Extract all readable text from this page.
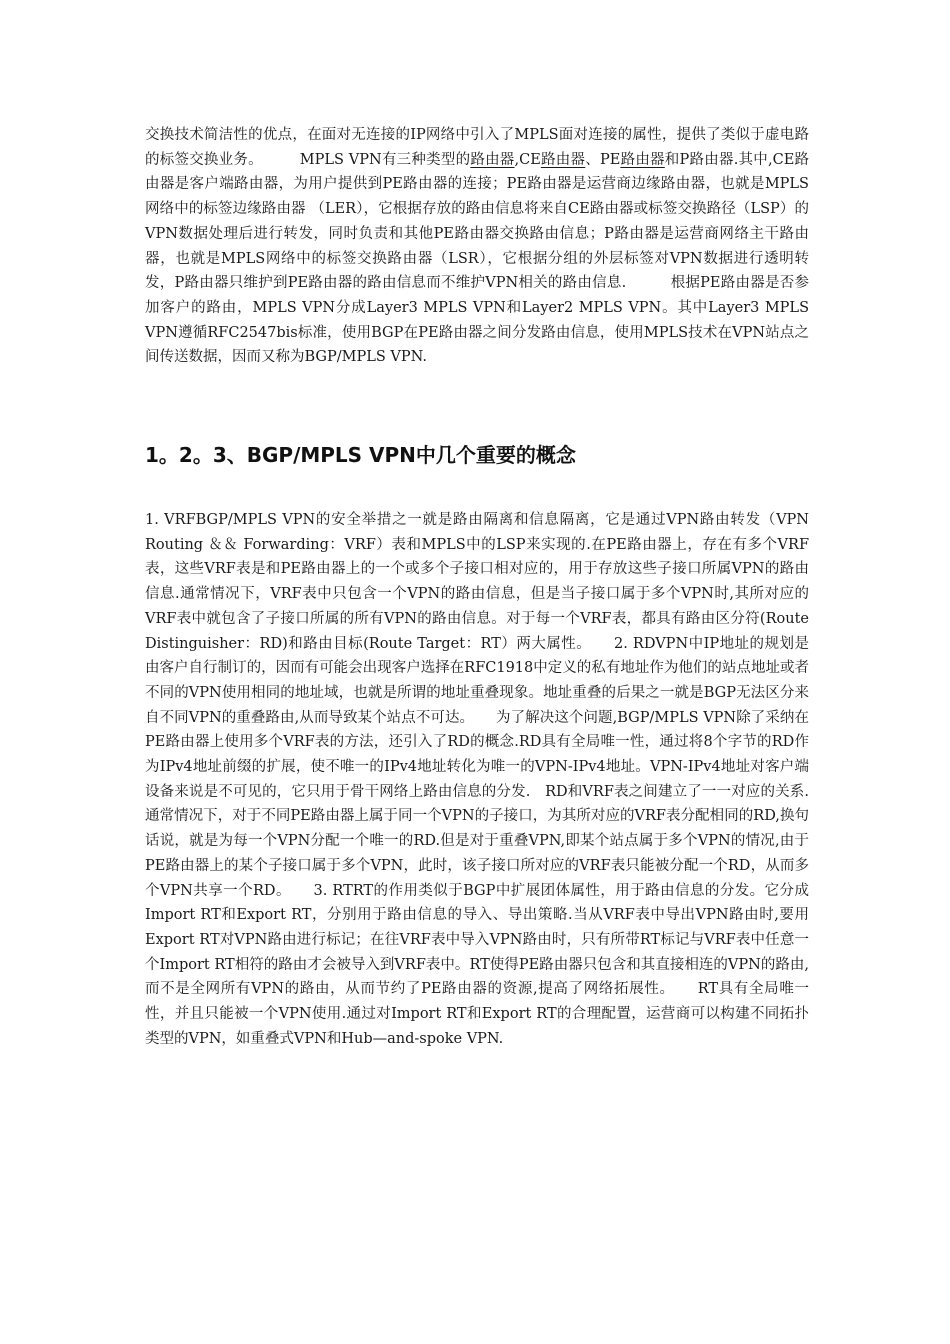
交换技术简洁性的优点，在面对无连接的IP网络中引入了MPLS面对连接的属性，提供了类似于虚电路的标签交换业务。　　　MPLS VPN有三种类型的路由器,CE路由器、PE路由器和P路由器.其中,CE路由器是客户端路由器，为用户提供到PE路由器的连接；PE路由器是运营商边缘路由器，也就是MPLS网络中的标签边缘路由器 （LER），它根据存放的路由信息将来自CE路由器或标签交换路径（LSP）的VPN数据处理后进行转发，同时负责和其他PE路由器交换路由信息；P路由器是运营商网络主干路由器，也就是MPLS网络中的标签交换路由器（LSR），它根据分组的外层标签对VPN数据进行透明转发，P路由器只维护到PE路由器的路由信息而不维护VPN相关的路由信息.　　　根据PE路由器是否参加客户的路由，MPLS VPN分成Layer3 MPLS VPN和Layer2 MPLS VPN。其中Layer3 MPLS VPN遵循RFC2547bis标准，使用BGP在PE路由器之间分发路由信息，使用MPLS技术在VPN站点之间传送数据，因而又称为BGP/MPLS VPN.

1。2。3、BGP/MPLS VPN中几个重要的概念

1. VRFBGP/MPLS VPN的安全举措之一就是路由隔离和信息隔离，它是通过VPN路由转发（VPN Routing ＆＆ Forwarding：VRF）表和MPLS中的LSP来实现的.在PE路由器上，存在有多个VRF表，这些VRF表是和PE路由器上的一个或多个子接口相对应的，用于存放这些子接口所属VPN的路由信息.通常情况下，VRF表中只包含一个VPN的路由信息，但是当子接口属于多个VPN时,其所对应的VRF表中就包含了子接口所属的所有VPN的路由信息。对于每一个VRF表，都具有路由区分符(Route Distinguisher：RD)和路由目标(Route Target：RT）两大属性。　　2. RDVPN中IP地址的规划是由客户自行制订的，因而有可能会出现客户选择在RFC1918中定义的私有地址作为他们的站点地址或者不同的VPN使用相同的地址域，也就是所谓的地址重叠现象。地址重叠的后果之一就是BGP无法区分来自不同VPN的重叠路由,从而导致某个站点不可达。　　为了解决这个问题,BGP/MPLS VPN除了采纳在PE路由器上使用多个VRF表的方法，还引入了RD的概念.RD具有全局唯一性，通过将8个字节的RD作为IPv4地址前缀的扩展，使不唯一的IPv4地址转化为唯一的VPN-IPv4地址。VPN-IPv4地址对客户端设备来说是不可见的，它只用于骨干网络上路由信息的分发.　RD和VRF表之间建立了一一对应的关系.通常情况下，对于不同PE路由器上属于同一个VPN的子接口，为其所对应的VRF表分配相同的RD,换句话说，就是为每一个VPN分配一个唯一的RD.但是对于重叠VPN,即某个站点属于多个VPN的情况,由于PE路由器上的某个子接口属于多个VPN，此时，该子接口所对应的VRF表只能被分配一个RD，从而多个VPN共享一个RD。　　3. RTRT的作用类似于BGP中扩展团体属性，用于路由信息的分发。它分成Import RT和Export RT，分别用于路由信息的导入、导出策略.当从VRF表中导出VPN路由时,要用Export RT对VPN路由进行标记；在往VRF表中导入VPN路由时，只有所带RT标记与VRF表中任意一个Import RT相符的路由才会被导入到VRF表中。RT使得PE路由器只包含和其直接相连的VPN的路由,而不是全网所有VPN的路由，从而节约了PE路由器的资源,提高了网络拓展性。　　RT具有全局唯一性，并且只能被一个VPN使用.通过对Import RT和Export RT的合理配置，运营商可以构建不同拓扑类型的VPN，如重叠式VPN和Hub—and-spoke VPN.
